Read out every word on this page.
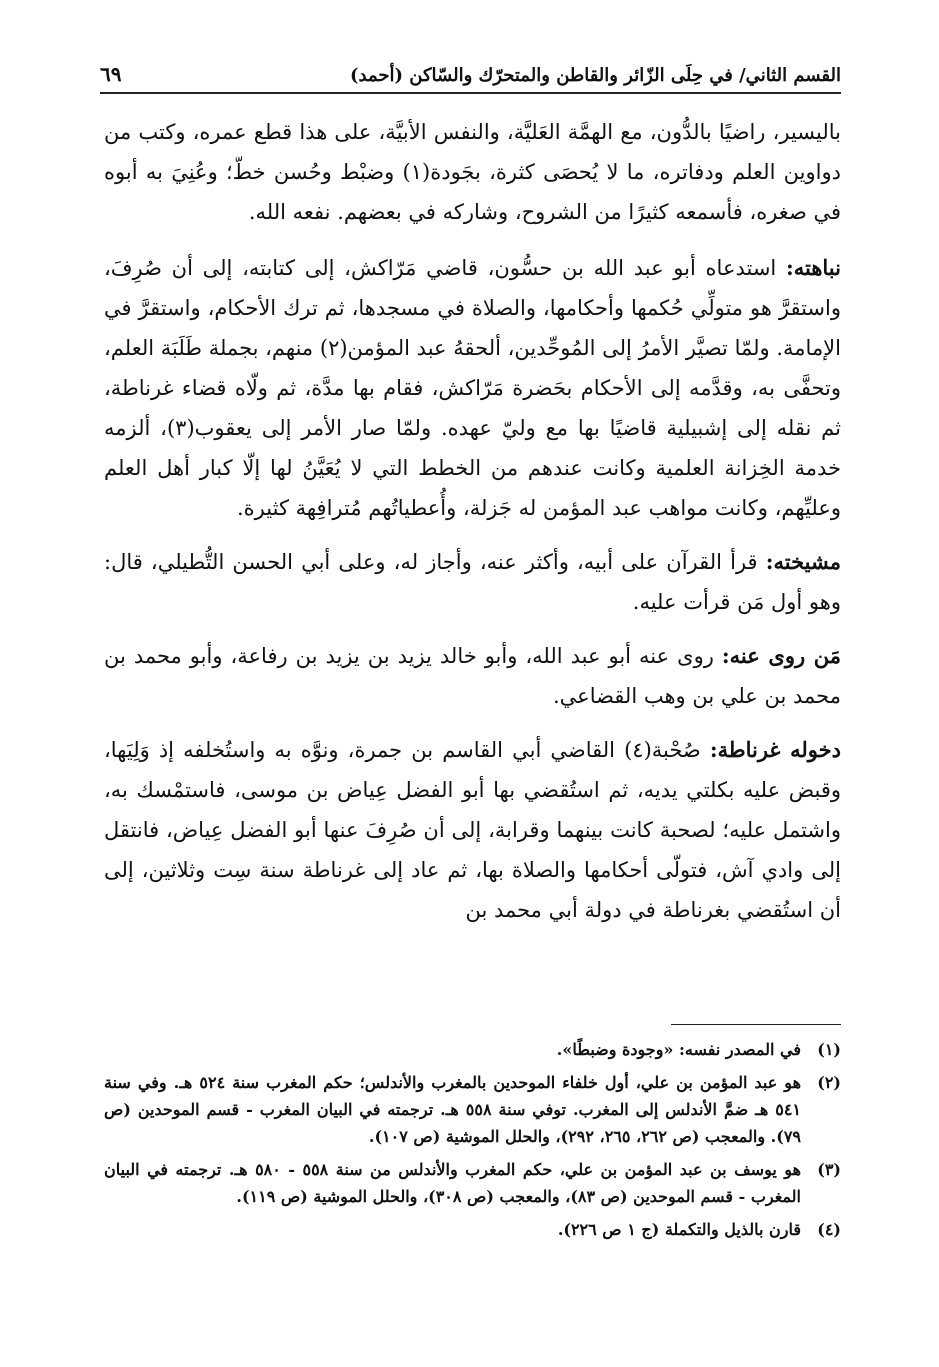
القسم الثاني/ في حِلَى الزّائر والقاطن والمتحرّك والسّاكن (أحمد)
٦٩

باليسير، راضيًا بالدُّون، مع الهمَّة العَليَّة، والنفس الأبيَّة، على هذا قطع عمره، وكتب من دواوين العلم ودفاتره، ما لا يُحصَى كثرة، بجَودة(١) وضبْط وحُسن خطّ؛ وعُنِيَ به أبوه في صغره، فأسمعه كثيرًا من الشروح، وشاركه في بعضهم. نفعه الله.

نباهته: استدعاه أبو عبد الله بن حسُّون، قاضي مَرّاكش، إلى كتابته، إلى أن صُرِفَ، واستقرَّ هو متولِّي حُكمها وأحكامها، والصلاة في مسجدها، ثم ترك الأحكام، واستقرَّ في الإمامة. ولمّا تصيَّر الأمرُ إلى المُوحِّدين، ألحقهُ عبد المؤمن(٢) منهم، بجملة طَلَبَة العلم، وتحفَّى به، وقدَّمه إلى الأحكام بحَضرة مَرّاكش، فقام بها مدَّة، ثم ولّاه قضاء غرناطة، ثم نقله إلى إشبيلية قاضيًا بها مع وليّ عهده. ولمّا صار الأمر إلى يعقوب(٣)، ألزمه خدمة الخِزانة العلمية وكانت عندهم من الخطط التي لا يُعَيَّنُ لها إلّا كبار أهل العلم وعليِّهم، وكانت مواهب عبد المؤمن له جَزلة، وأُعطياتُهم مُترافِهة كثيرة.

مشيخته: قرأ القرآن على أبيه، وأكثر عنه، وأجاز له، وعلى أبي الحسن التُّطيلي، قال: وهو أول مَن قرأت عليه.

مَن روى عنه: روى عنه أبو عبد الله، وأبو خالد يزيد بن يزيد بن رفاعة، وأبو محمد بن محمد بن علي بن وهب القضاعي.

دخوله غرناطة: صُحْبة(٤) القاضي أبي القاسم بن جمرة، ونوَّه به واستُخلفه إذ وَلِيَها، وقبض عليه بكلتي يديه، ثم استُقضي بها أبو الفضل عِياض بن موسى، فاستمْسك به، واشتمل عليه؛ لصحبة كانت بينهما وقرابة، إلى أن صُرِفَ عنها أبو الفضل عِياض، فانتقل إلى وادي آش، فتولّى أحكامها والصلاة بها، ثم عاد إلى غرناطة سنة سِت وثلاثين، إلى أن استُقضي بغرناطة في دولة أبي محمد بن

(١)
في المصدر نفسه: «وجودة وضبطًا».
(٢)
هو عبد المؤمن بن علي، أول خلفاء الموحدين بالمغرب والأندلس؛ حكم المغرب سنة ٥٢٤ هـ. وفي سنة ٥٤١ هـ ضمَّ الأندلس إلى المغرب. توفي سنة ٥٥٨ هـ. ترجمته في البيان المغرب - قسم الموحدين (ص ٧٩). والمعجب (ص ٢٦٢، ٢٦٥، ٢٩٢)، والحلل الموشية (ص ١٠٧).
(٣)
هو يوسف بن عبد المؤمن بن علي، حكم المغرب والأندلس من سنة ٥٥٨ - ٥٨٠ هـ. ترجمته في البيان المغرب - قسم الموحدين (ص ٨٣)، والمعجب (ص ٣٠٨)، والحلل الموشية (ص ١١٩).
(٤)
قارن بالذيل والتكملة (ج ١ ص ٢٢٦).
